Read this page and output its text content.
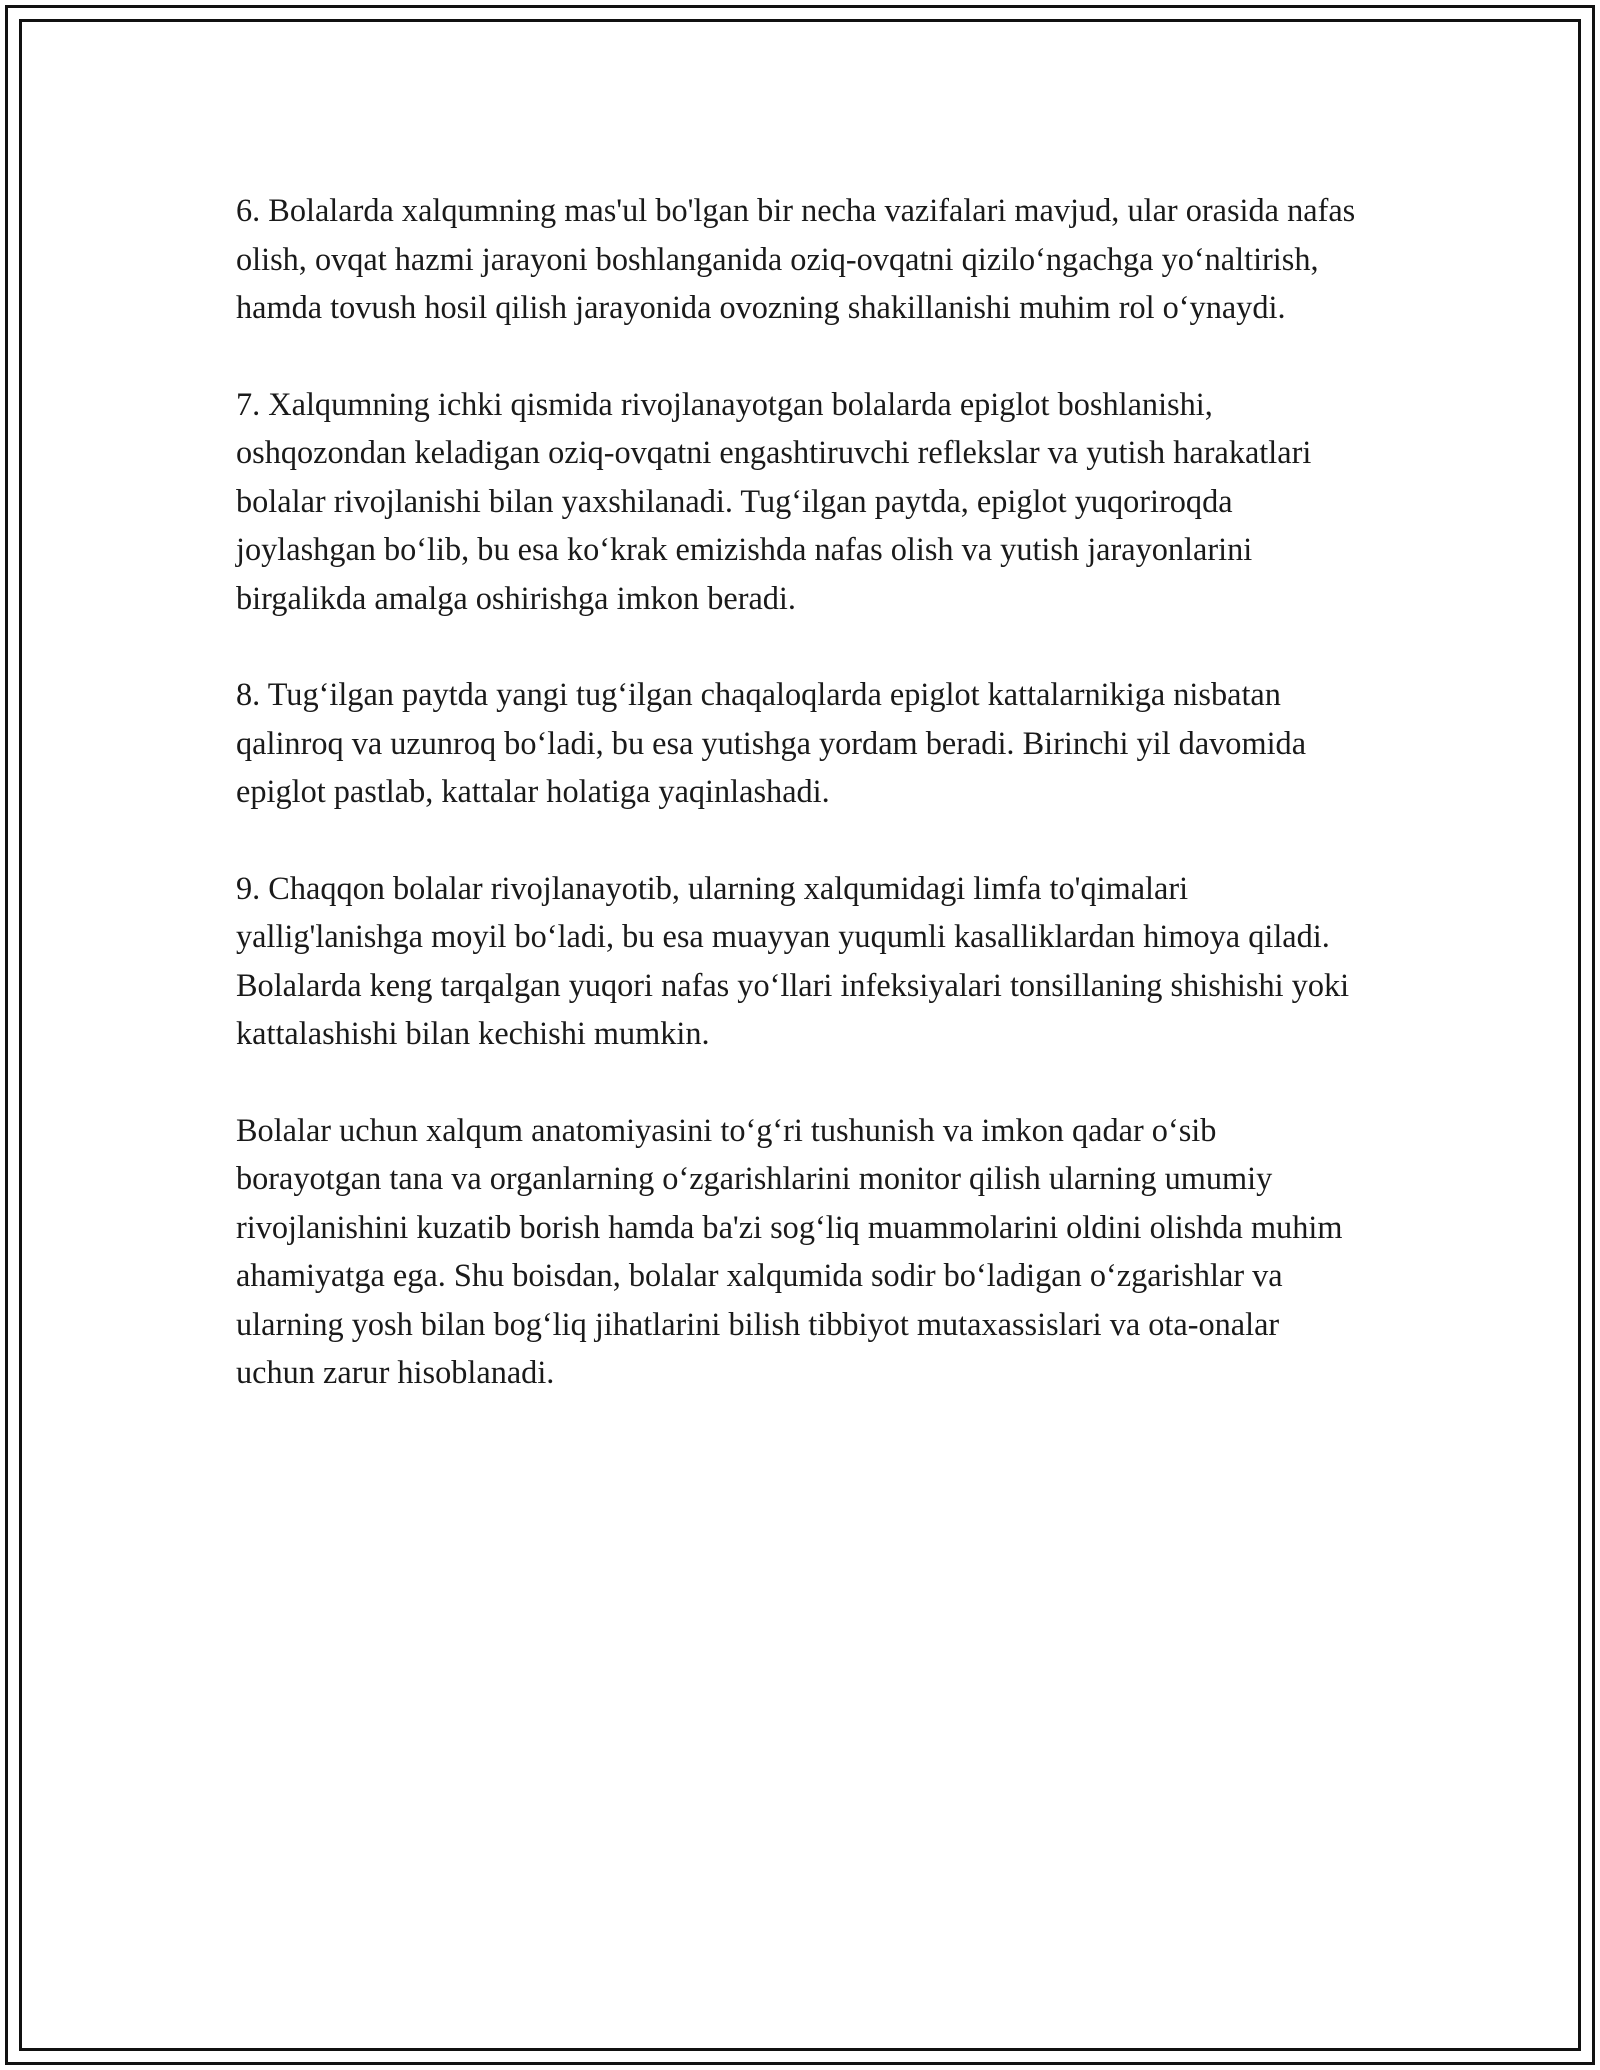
6. Bolalarda xalqumning mas'ul bo'lgan bir necha vazifalari mavjud, ular orasida nafas olish, ovqat hazmi jarayoni boshlanganida oziq-ovqatni qizilo‘ngachga yo‘naltirish, hamda tovush hosil qilish jarayonida ovozning shakillanishi muhim rol o‘ynaydi.

7. Xalqumning ichki qismida rivojlanayotgan bolalarda epiglot boshlanishi, oshqozondan keladigan oziq-ovqatni engashtiruvchi reflekslar va yutish harakatlari bolalar rivojlanishi bilan yaxshilanadi. Tug‘ilgan paytda, epiglot yuqoriroqda joylashgan bo‘lib, bu esa ko‘krak emizishda nafas olish va yutish jarayonlarini birgalikda amalga oshirishga imkon beradi.

8. Tug‘ilgan paytda yangi tug‘ilgan chaqaloqlarda epiglot kattalarnikiga nisbatan qalinroq va uzunroq bo‘ladi, bu esa yutishga yordam beradi. Birinchi yil davomida epiglot pastlab, kattalar holatiga yaqinlashadi.

9. Chaqqon bolalar rivojlanayotib, ularning xalqumidagi limfa to'qimalari yallig'lanishga moyil bo‘ladi, bu esa muayyan yuqumli kasalliklardan himoya qiladi. Bolalarda keng tarqalgan yuqori nafas yo‘llari infeksiyalari tonsillaning shishishi yoki kattalashishi bilan kechishi mumkin.

Bolalar uchun xalqum anatomiyasini to‘g‘ri tushunish va imkon qadar o‘sib borayotgan tana va organlarning o‘zgarishlarini monitor qilish ularning umumiy rivojlanishini kuzatib borish hamda ba'zi sog‘liq muammolarini oldini olishda muhim ahamiyatga ega. Shu boisdan, bolalar xalqumida sodir bo‘ladigan o‘zgarishlar va ularning yosh bilan bog‘liq jihatlarini bilish tibbiyot mutaxassislari va ota-onalar uchun zarur hisoblanadi.
